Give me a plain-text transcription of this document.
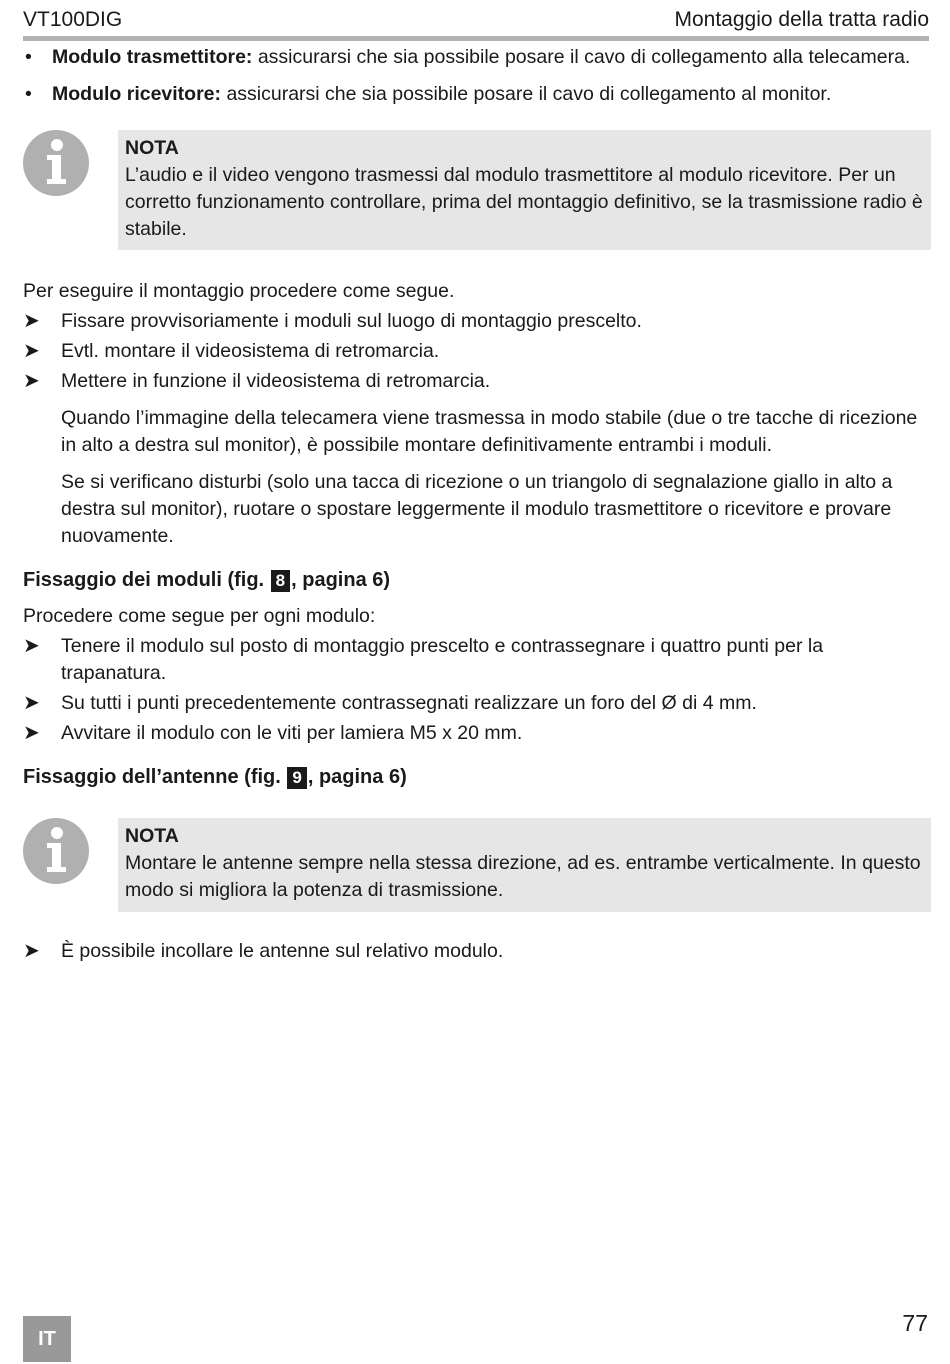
VT100DIG	Montaggio della tratta radio
• Modulo trasmettitore: assicurarsi che sia possibile posare il cavo di collegamento alla telecamera.
• Modulo ricevitore: assicurarsi che sia possibile posare il cavo di collegamento al monitor.
NOTA
L’audio e il video vengono trasmessi dal modulo trasmettitore al modulo ricevitore. Per un corretto funzionamento controllare, prima del montaggio definitivo, se la trasmissione radio è stabile.
Per eseguire il montaggio procedere come segue.
➤ Fissare provvisoriamente i moduli sul luogo di montaggio prescelto.
➤ Evtl. montare il videosistema di retromarcia.
➤ Mettere in funzione il videosistema di retromarcia.
Quando l’immagine della telecamera viene trasmessa in modo stabile (due o tre tacche di ricezione in alto a destra sul monitor), è possibile montare definitivamente entrambi i moduli.
Se si verificano disturbi (solo una tacca di ricezione o un triangolo di segnalazione giallo in alto a destra sul monitor), ruotare o spostare leggermente il modulo trasmettitore o ricevitore e provare nuovamente.
Fissaggio dei moduli (fig. 8 , pagina 6)
Procedere come segue per ogni modulo:
➤ Tenere il modulo sul posto di montaggio prescelto e contrassegnare i quattro punti per la trapanatura.
➤ Su tutti i punti precedentemente contrassegnati realizzare un foro del Ø di 4 mm.
➤ Avvitare il modulo con le viti per lamiera M5 x 20 mm.
Fissaggio dell’antenne (fig. 9 , pagina 6)
NOTA
Montare le antenne sempre nella stessa direzione, ad es. entrambe verticalmente. In questo modo si migliora la potenza di trasmissione.
➤ È possibile incollare le antenne sul relativo modulo.
IT
77
